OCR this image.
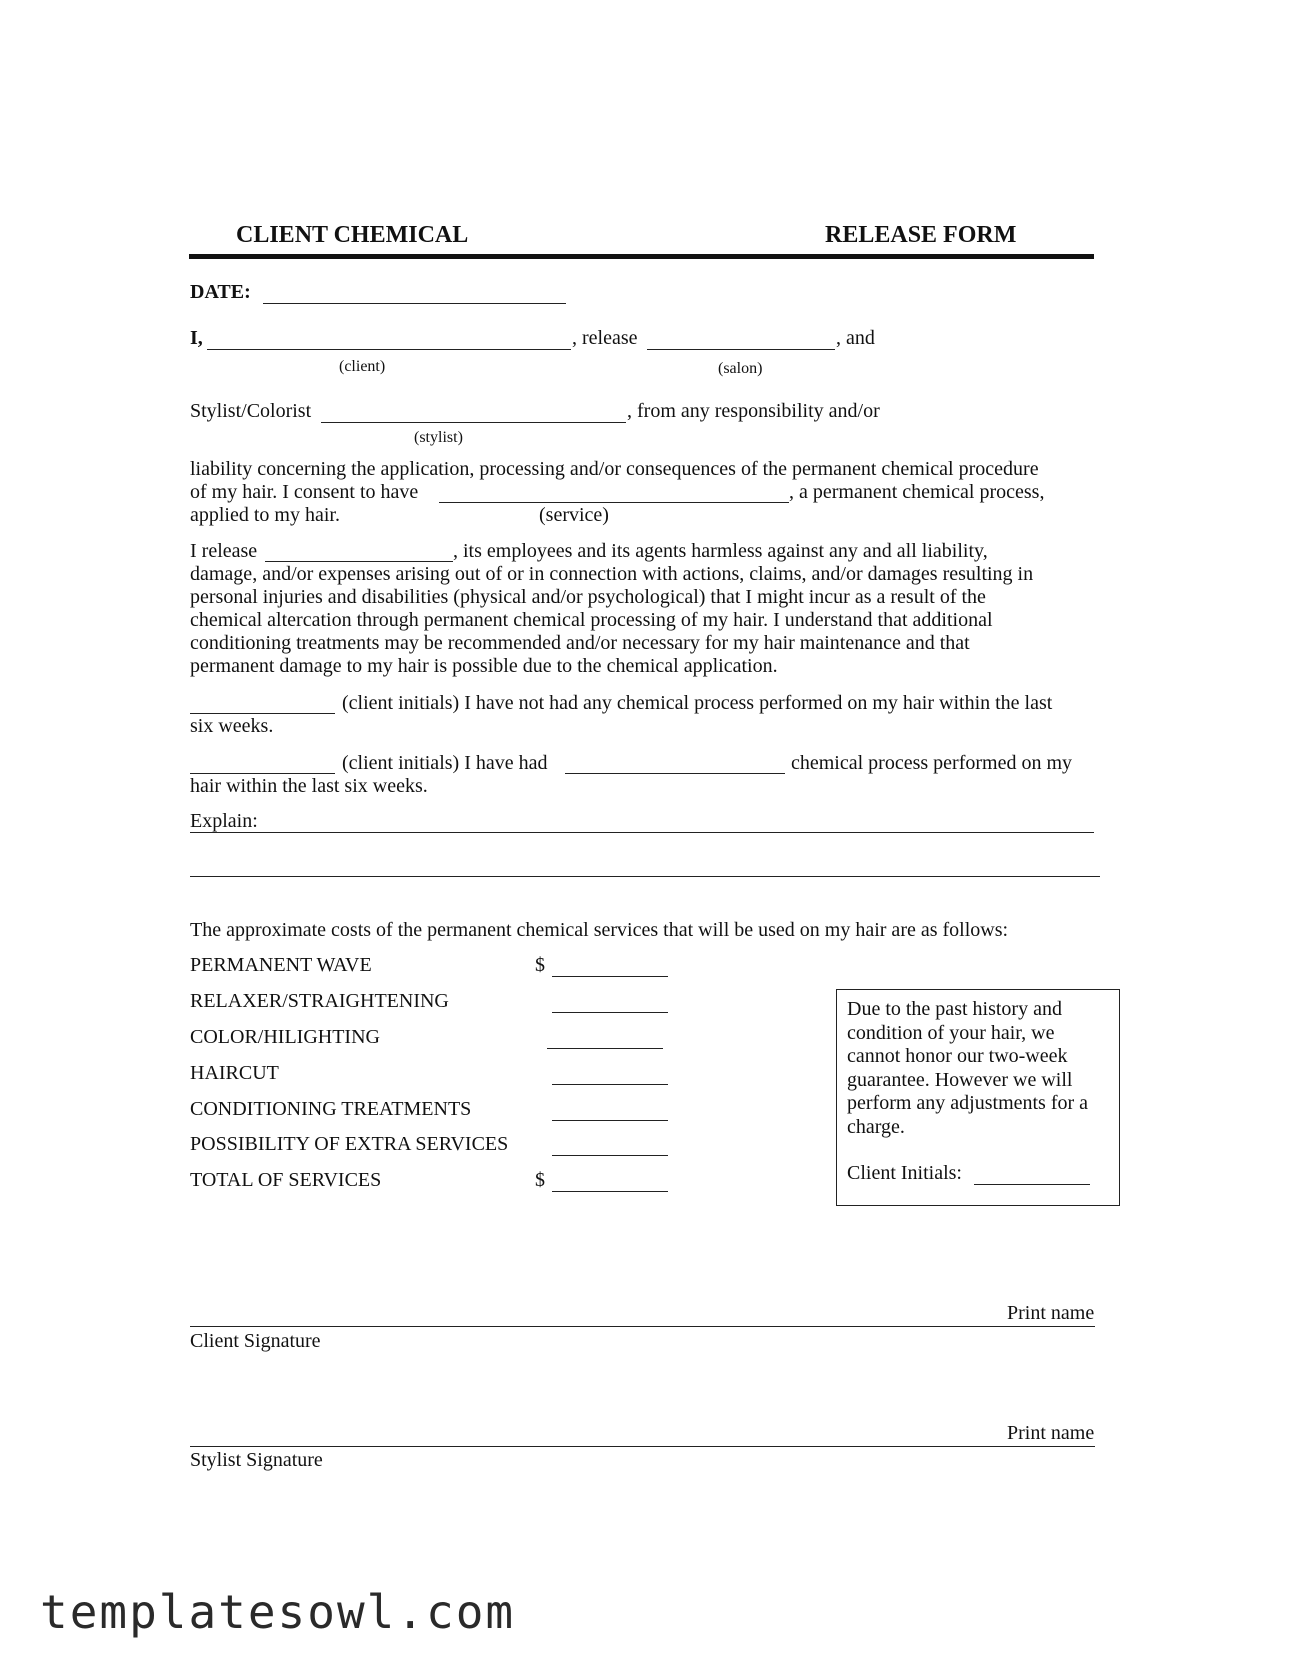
CLIENT CHEMICAL	RELEASE FORM
DATE:
I,	, release	, and
(client)	(salon)
Stylist/Colorist	, from any responsibility and/or
(stylist)
liability concerning the application, processing and/or consequences of the permanent chemical procedure
of my hair. I consent to have	, a permanent chemical process,
applied to my hair.	(service)
I release	, its employees and its agents harmless against any and all liability,
damage, and/or expenses arising out of or in connection with actions, claims, and/or damages resulting in
personal injuries and disabilities (physical and/or psychological) that I might incur as a result of the
chemical altercation through permanent chemical processing of my hair. I understand that additional
conditioning treatments may be recommended and/or necessary for my hair maintenance and that
permanent damage to my hair is possible due to the chemical application.
(client initials) I have not had any chemical process performed on my hair within the last
six weeks.
(client initials) I have had	chemical process performed on my
hair within the last six weeks.
Explain:
The approximate costs of the permanent chemical services that will be used on my hair are as follows:
PERMANENT WAVE	$
RELAXER/STRAIGHTENING
COLOR/HILIGHTING
HAIRCUT
CONDITIONING TREATMENTS
POSSIBILITY OF EXTRA SERVICES
TOTAL OF SERVICES	$
Due to the past history and
condition of your hair, we
cannot honor our two-week
guarantee. However we will
perform any adjustments for a
charge.
Client Initials:
Print name
Client Signature
Print name
Stylist Signature
templatesowl.com
